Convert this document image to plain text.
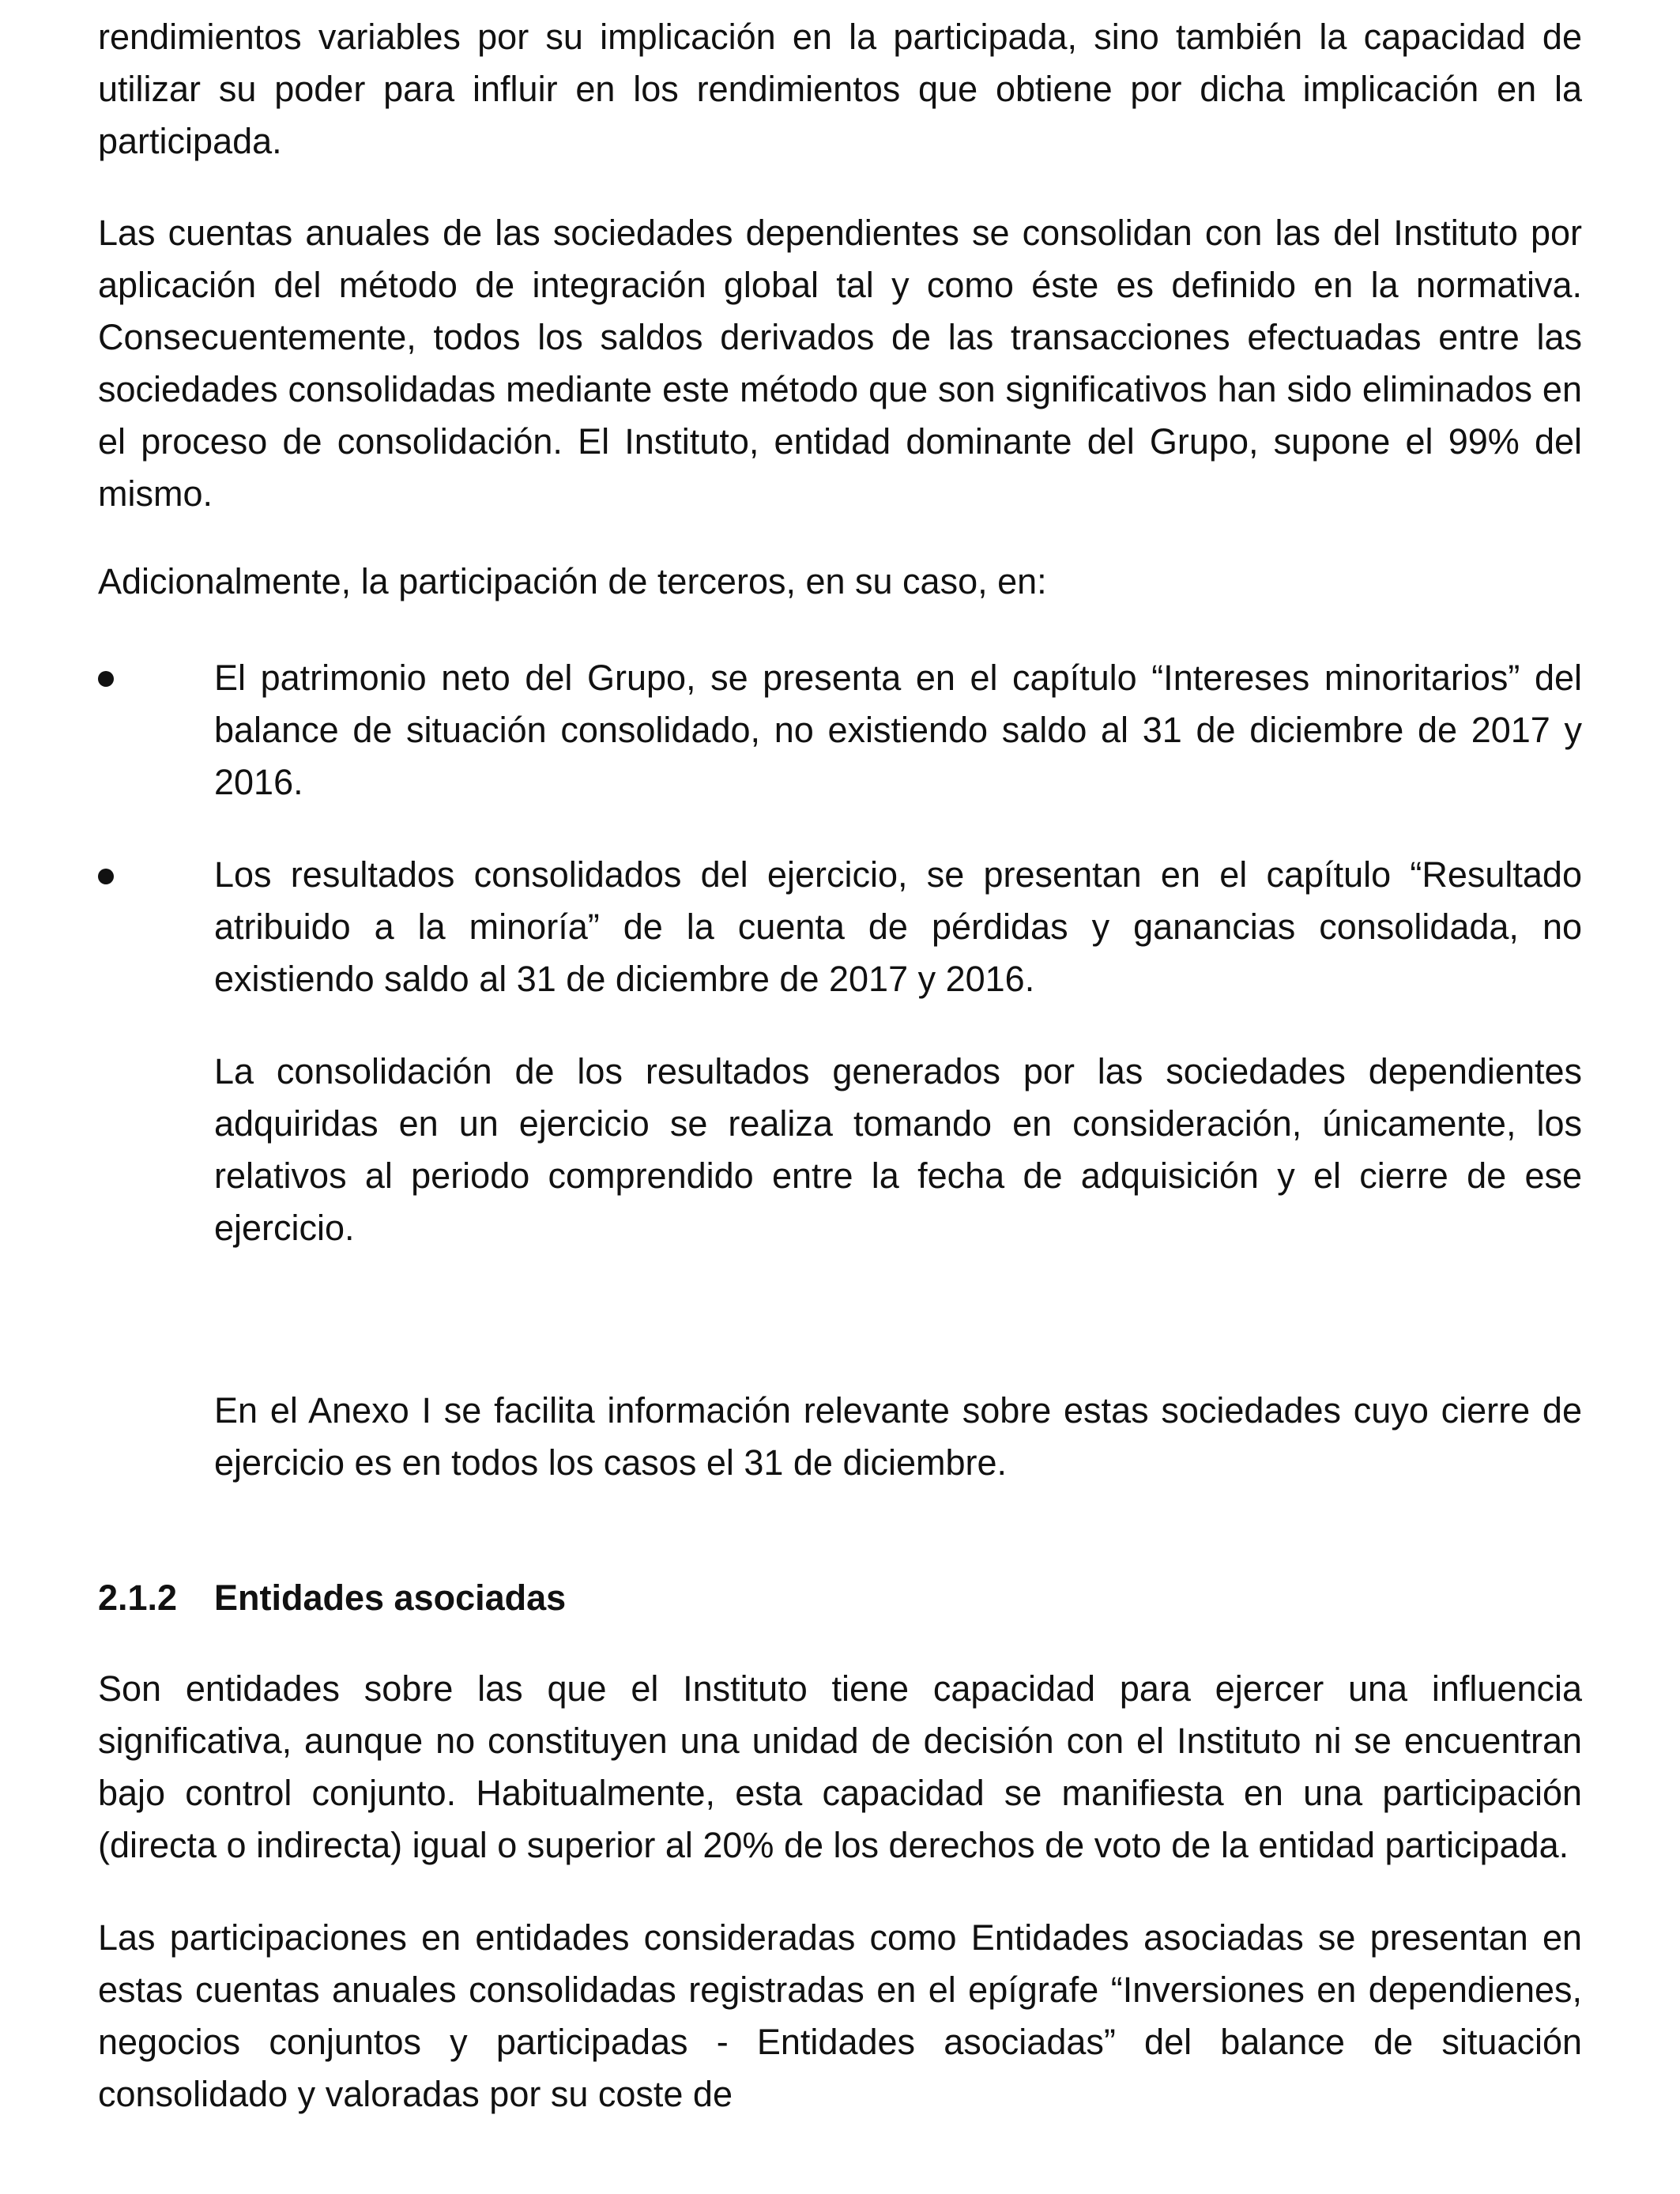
rendimientos variables por su implicación en la participada, sino también la capacidad de utilizar su poder para influir en los rendimientos que obtiene por dicha implicación en la participada.

Las cuentas anuales de las sociedades dependientes se consolidan con las del Instituto por aplicación del método de integración global tal y como éste es definido en la normativa. Consecuentemente, todos los saldos derivados de las transacciones efectuadas entre las sociedades consolidadas mediante este método que son significativos han sido eliminados en el proceso de consolidación. El Instituto, entidad dominante del Grupo, supone el 99% del mismo.

Adicionalmente, la participación de terceros, en su caso, en:

El patrimonio neto del Grupo, se presenta en el capítulo “Intereses minoritarios” del balance de situación consolidado, no existiendo saldo al 31 de diciembre de 2017 y 2016.

Los resultados consolidados del ejercicio, se presentan en el capítulo “Resultado atribuido a la minoría” de la cuenta de pérdidas y ganancias consolidada, no existiendo saldo al 31 de diciembre de 2017 y 2016.

La consolidación de los resultados generados por las sociedades dependientes adquiridas en un ejercicio se realiza tomando en consideración, únicamente, los relativos al periodo comprendido entre la fecha de adquisición y el cierre de ese ejercicio.

En el Anexo I se facilita información relevante sobre estas sociedades cuyo cierre de ejercicio es en todos los casos el 31 de diciembre.

2.1.2 Entidades asociadas

Son entidades sobre las que el Instituto tiene capacidad para ejercer una influencia significativa, aunque no constituyen una unidad de decisión con el Instituto ni se encuentran bajo control conjunto. Habitualmente, esta capacidad se manifiesta en una participación (directa o indirecta) igual o superior al 20% de los derechos de voto de la entidad participada.

Las participaciones en entidades consideradas como Entidades asociadas se presentan en estas cuentas anuales consolidadas registradas en el epígrafe “Inversiones en dependienes, negocios conjuntos y participadas - Entidades asociadas” del balance de situación consolidado y valoradas por su coste de
